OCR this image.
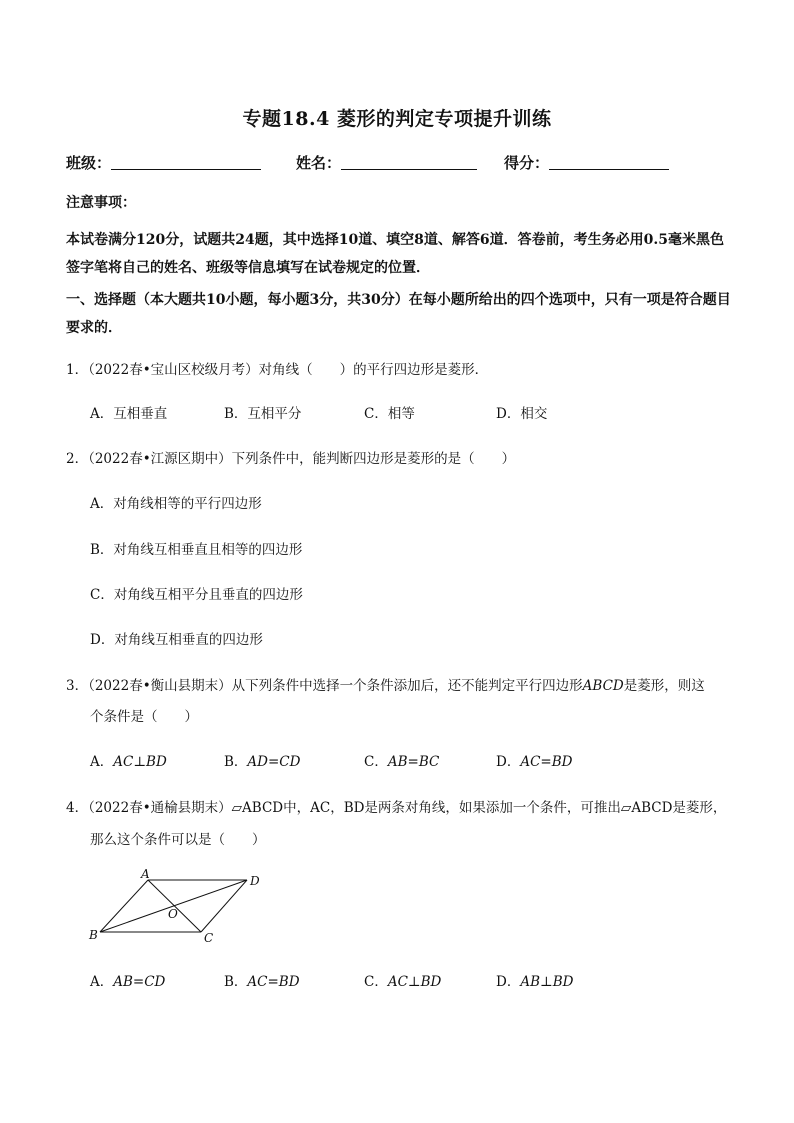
专题18.4 菱形的判定专项提升训练
班级：	姓名：	得分：
注意事项：
本试卷满分120分，试题共24题，其中选择10道、填空8道、解答6道．答卷前，考生务必用0.5毫米黑色签字笔将自己的姓名、班级等信息填写在试卷规定的位置．
一、选择题（本大题共10小题，每小题3分，共30分）在每小题所给出的四个选项中，只有一项是符合题目要求的．
1．（2022春•宝山区校级月考）对角线（　　）的平行四边形是菱形．
A．互相垂直	B．互相平分	C．相等	D．相交
2．（2022春•江源区期中）下列条件中，能判断四边形是菱形的是（　　）
A．对角线相等的平行四边形
B．对角线互相垂直且相等的四边形
C．对角线互相平分且垂直的四边形
D．对角线互相垂直的四边形
3．（2022春•衡山县期末）从下列条件中选择一个条件添加后，还不能判定平行四边形ABCD是菱形，则这
个条件是（　　）
A．AC⊥BD	B．AD=CD	C．AB=BC	D．AC=BD
4．（2022春•通榆县期末）▱ABCD中，AC，BD是两条对角线，如果添加一个条件，可推出▱ABCD是菱形，
那么这个条件可以是（　　）
A	D
O
B	C
A．AB=CD	B．AC=BD	C．AC⊥BD	D．AB⊥BD
